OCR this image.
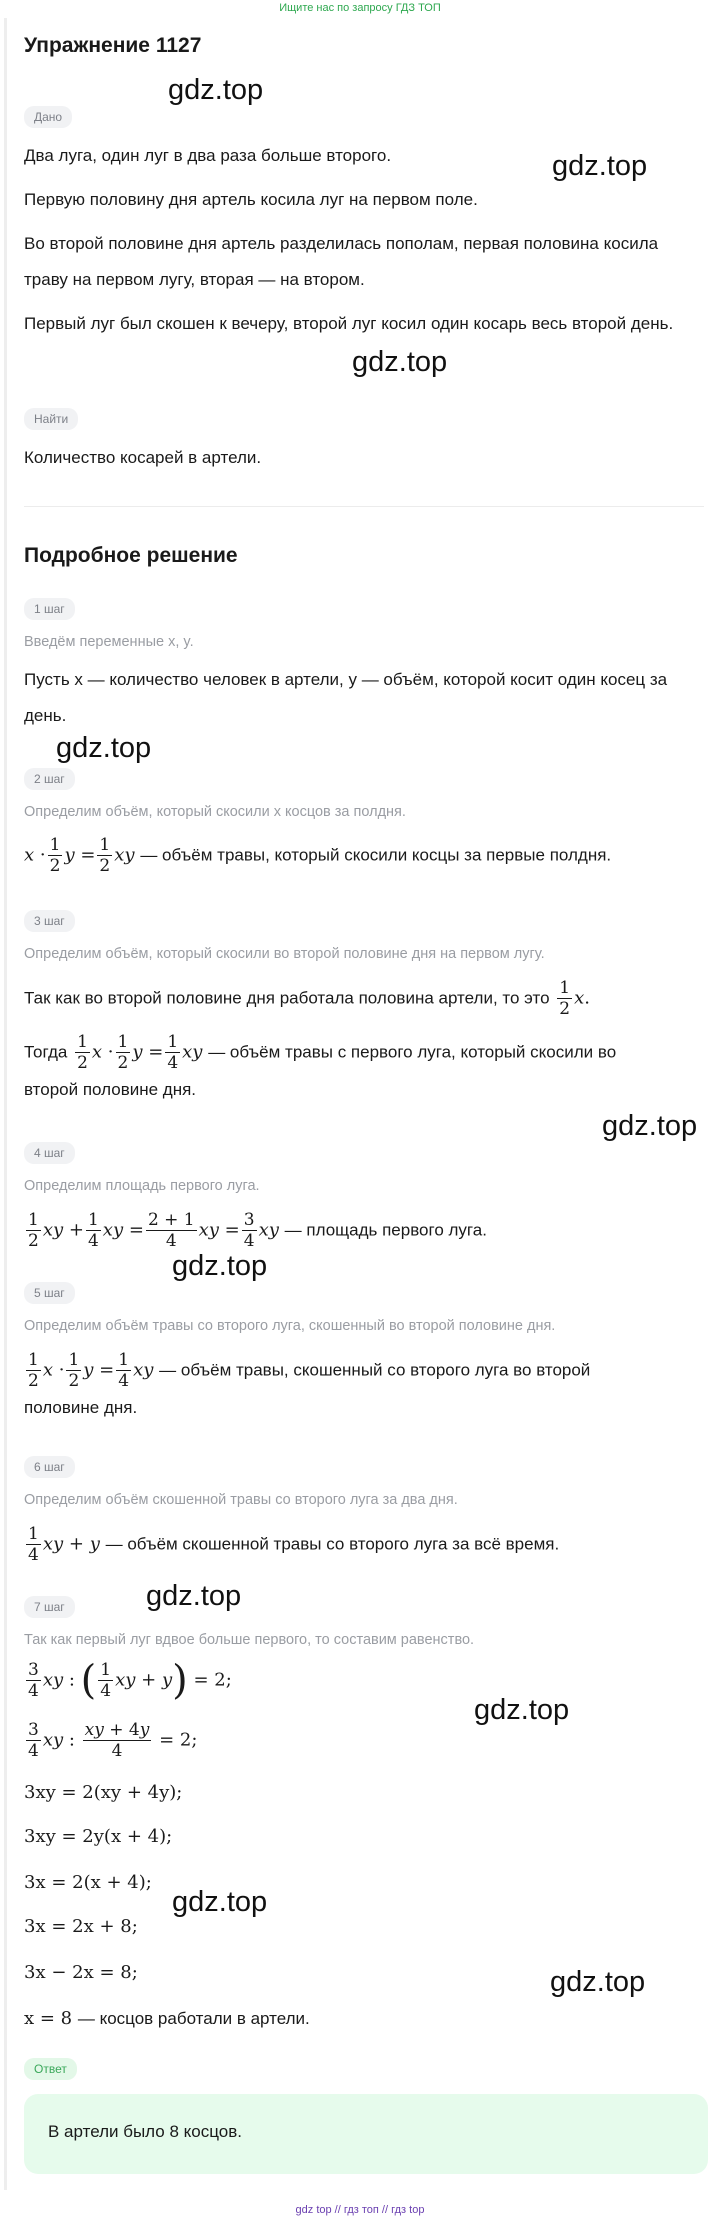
Ищите нас по запросу ГДЗ ТОП
Упражнение 1127
Дано
Два луга, один луг в два раза больше второго.
Первую половину дня артель косила луг на первом поле.
Во второй половине дня артель разделилась пополам, первая половина косила траву на первом лугу, вторая — на втором.
Первый луг был скошен к вечеру, второй луг косил один косарь весь второй день.
Найти
Количество косарей в артели.
Подробное решение
1 шаг
Введём переменные x, y.
Пусть x — количество человек в артели, y — объём, которой косит один косец за день.
2 шаг
Определим объём, который скосили x косцов за полдня.
$x \cdot \frac{1}{2}$ $y = \frac{1}{2}$ xy — объём травы, который скосили косцы за первые полдня.
3 шаг
Определим объём, который скосили во второй половине дня на первом лугу.
Так как во второй половине дня работала половина артели, то это $\frac{1}{2} x$.
Тогда $\frac{1}{2}$ $x \cdot \frac{1}{2}$ $y = \frac{1}{4}$ xy — объём травы с первого луга, который скосили во
второй половине дня.
4 шаг
Определим площадь первого луга.
$\frac{1}{2}$ xy + $\frac{1}{4}$ xy = $\frac{2 + 1}{4}$ xy = $\frac{3}{4}$ xy — площадь первого луга.
5 шаг
Определим объём травы со второго луга, скошенный во второй половине дня.
$\frac{1}{2}$ $x \cdot \frac{1}{2}$ $y = \frac{1}{4}$ xy — объём травы, скошенный со второго луга во второй
половине дня.
6 шаг
Определим объём скошенной травы со второго луга за два дня.
$\frac{1}{4}$ xy + y — объём скошенной травы со второго луга за всё время.
7 шаг
Так как первый луг вдвое больше первого, то составим равенство.
$\frac{3}{4}$ xy : ( $\frac{1}{4}$ xy + y) = 2;
$\frac{3}{4}$ xy : $\frac{xy + 4y}{4} = 2$;
3xy = 2(xy + 4y);
3xy = 2y(x + 4);
3x = 2(x + 4);
3x = 2x + 8;
3x − 2x = 8;
x = 8 — косцов работали в артели.
Ответ
В артели было 8 косцов.
gdz.top
gdz.top
gdz.top
gdz.top
gdz.top
gdz.top
gdz.top
gdz.top
gdz.top
gdz.top
gdz top // гдз топ // гдз top
